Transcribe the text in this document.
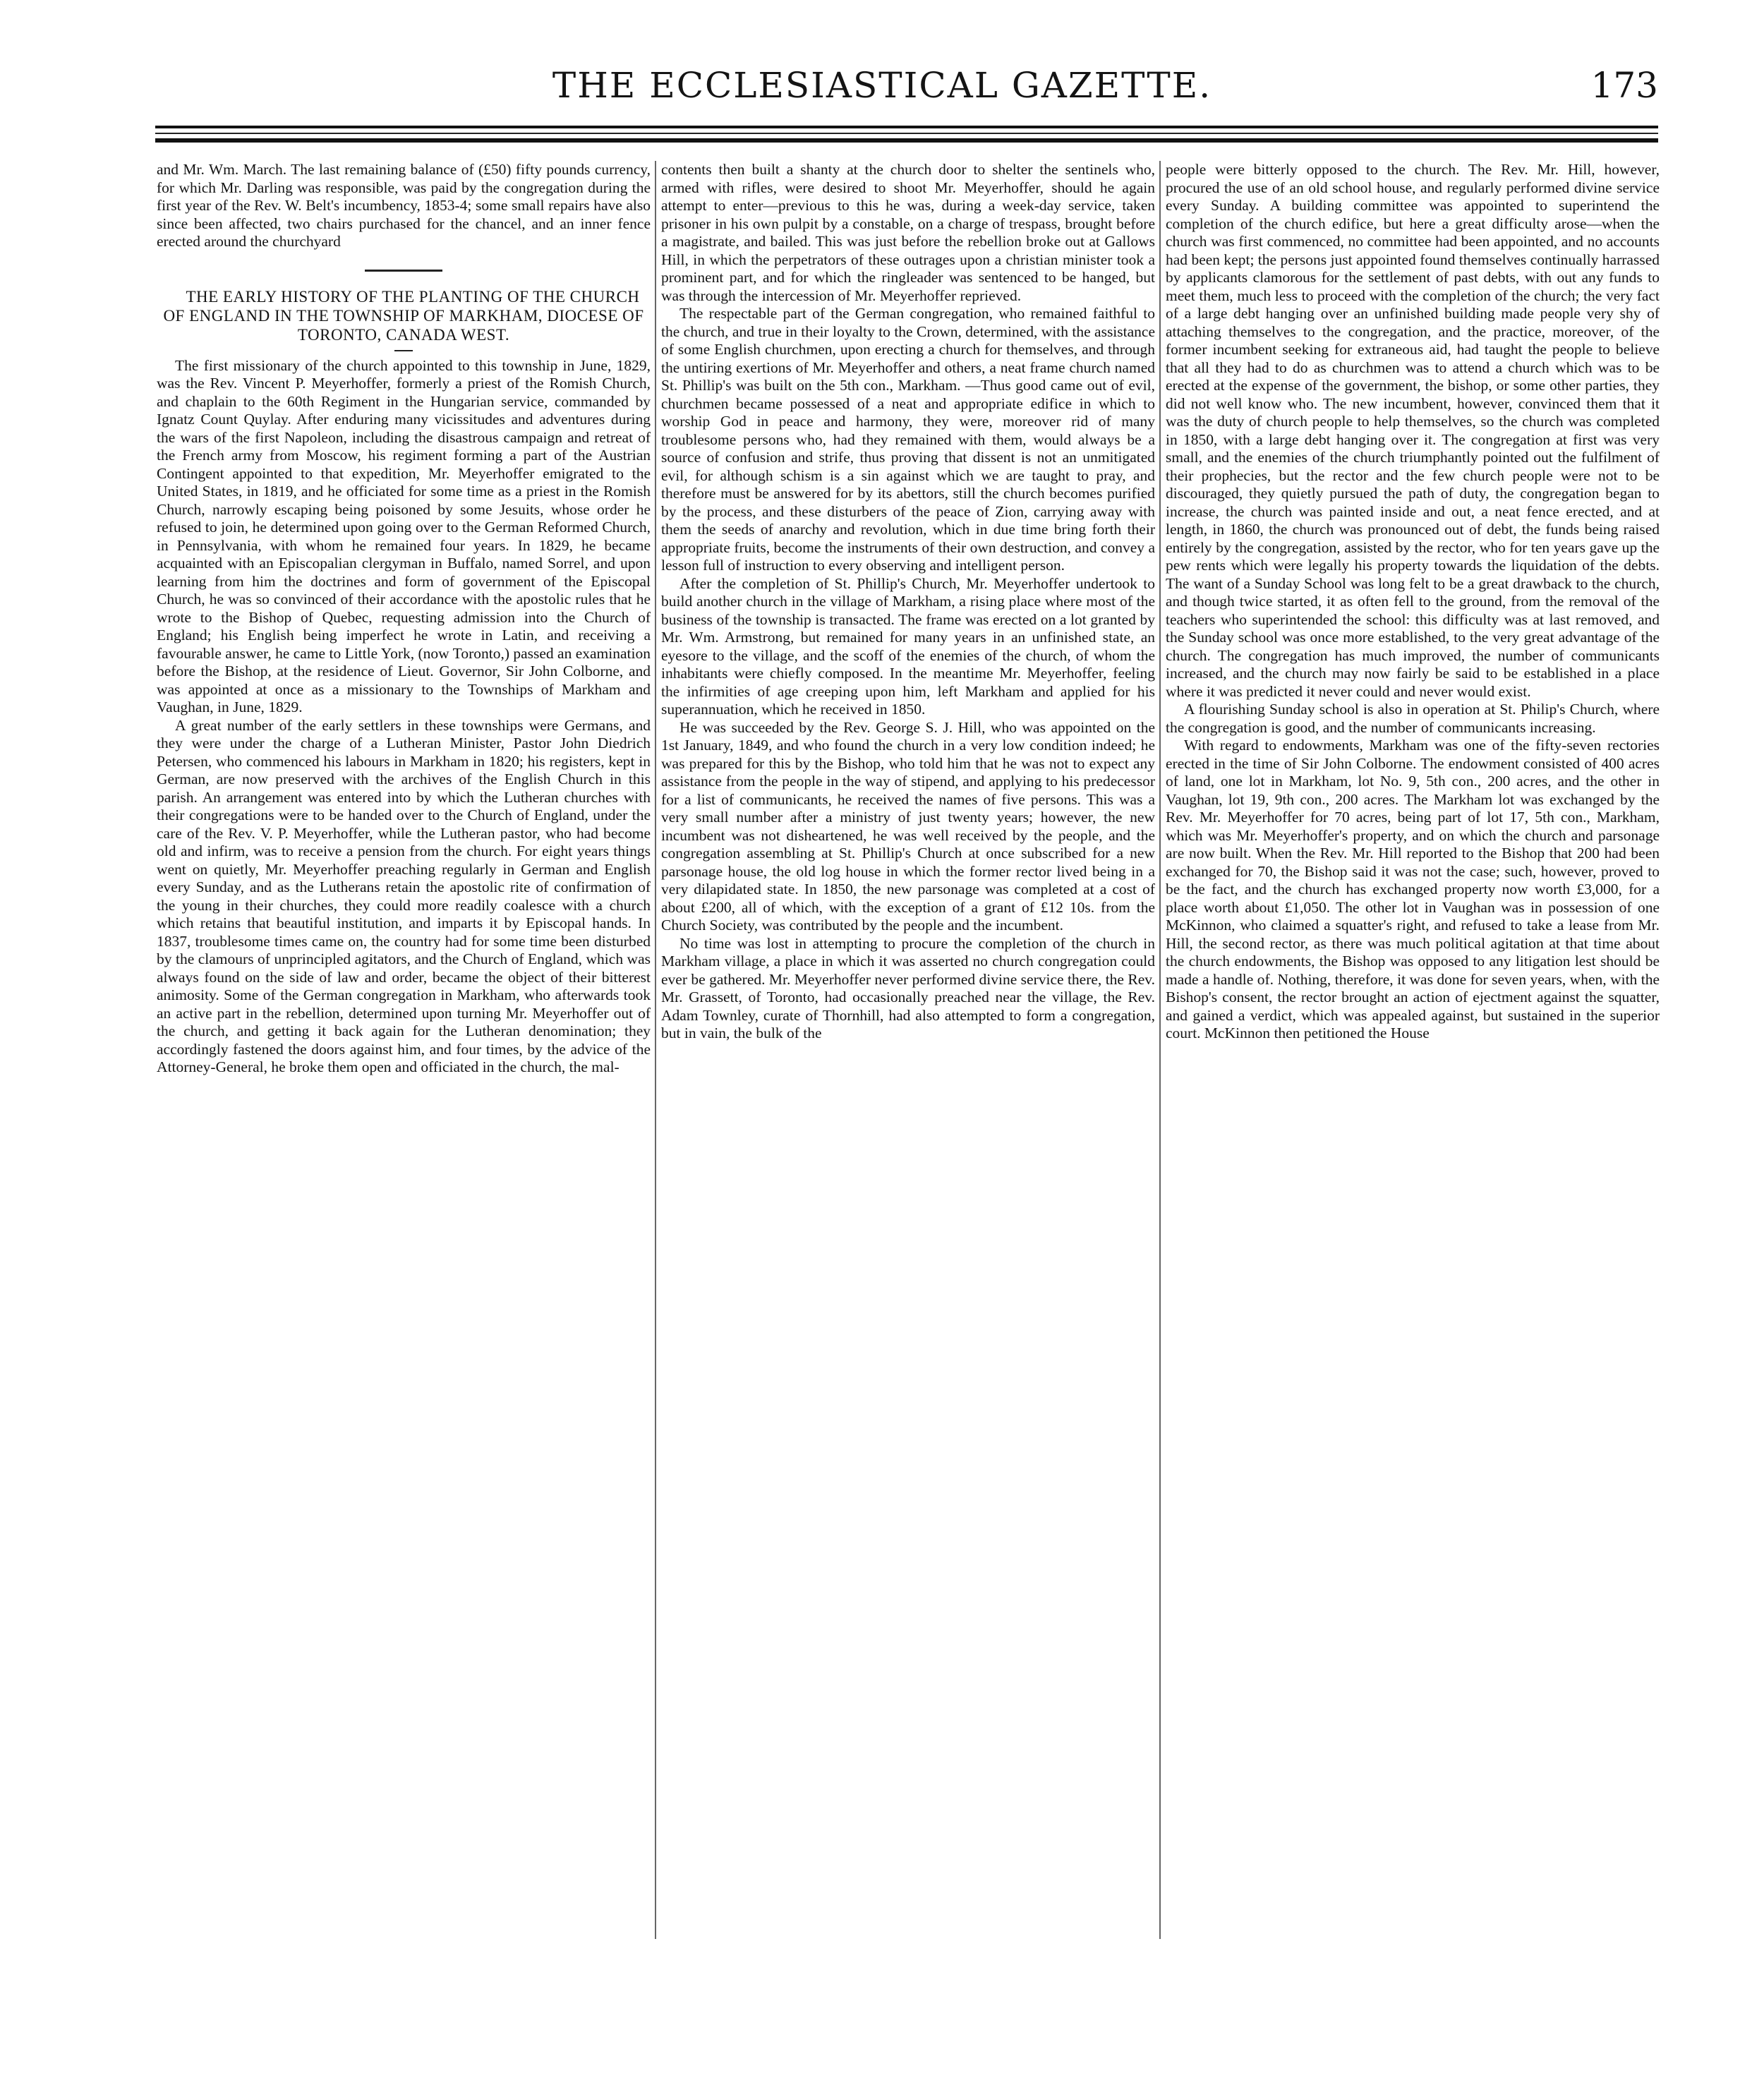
THE ECCLESIASTICAL GAZETTE.	173

and Mr. Wm. March. The last remaining balance of (£50) fifty pounds currency, for which Mr. Darling was responsible, was paid by the congregation during the first year of the Rev. W. Belt's incumbency, 1853-4; some small repairs have also since been affected, two chairs purchased for the chancel, and an inner fence erected around the churchyard

THE EARLY HISTORY OF THE PLANTING OF THE CHURCH OF ENGLAND IN THE TOWNSHIP OF MARKHAM, DIOCESE OF TORONTO, CANADA WEST.

The first missionary of the church appointed to this township in June, 1829, was the Rev. Vincent P. Meyerhoffer, formerly a priest of the Romish Church, and chaplain to the 60th Regiment in the Hungarian service, commanded by Ignatz Count Quylay. After enduring many vicissitudes and adventures during the wars of the first Napoleon, including the disastrous campaign and retreat of the French army from Moscow, his regiment forming a part of the Austrian Contingent appointed to that expedition, Mr. Meyerhoffer emigrated to the United States, in 1819, and he officiated for some time as a priest in the Romish Church, narrowly escaping being poisoned by some Jesuits, whose order he refused to join, he determined upon going over to the German Reformed Church, in Pennsylvania, with whom he remained four years. In 1829, he became acquainted with an Episcopalian clergyman in Buffalo, named Sorrel, and upon learning from him the doctrines and form of government of the Episcopal Church, he was so convinced of their accordance with the apostolic rules that he wrote to the Bishop of Quebec, requesting admission into the Church of England; his English being imperfect he wrote in Latin, and receiving a favourable answer, he came to Little York, (now Toronto,) passed an examination before the Bishop, at the residence of Lieut. Governor, Sir John Colborne, and was appointed at once as a missionary to the Townships of Markham and Vaughan, in June, 1829.

A great number of the early settlers in these townships were Germans, and they were under the charge of a Lutheran Minister, Pastor John Diedrich Petersen, who commenced his labours in Markham in 1820; his registers, kept in German, are now preserved with the archives of the English Church in this parish. An arrangement was entered into by which the Lutheran churches with their congregations were to be handed over to the Church of England, under the care of the Rev. V. P. Meyerhoffer, while the Lutheran pastor, who had become old and infirm, was to receive a pension from the church. For eight years things went on quietly, Mr. Meyerhoffer preaching regularly in German and English every Sunday, and as the Lutherans retain the apostolic rite of confirmation of the young in their churches, they could more readily coalesce with a church which retains that beautiful institution, and imparts it by Episcopal hands. In 1837, troublesome times came on, the country had for some time been disturbed by the clamours of unprincipled agitators, and the Church of England, which was always found on the side of law and order, became the object of their bitterest animosity. Some of the German congregation in Markham, who afterwards took an active part in the rebellion, determined upon turning Mr. Meyerhoffer out of the church, and getting it back again for the Lutheran denomination; they accordingly fastened the doors against him, and four times, by the advice of the Attorney-General, he broke them open and officiated in the church, the mal-

contents then built a shanty at the church door to shelter the sentinels who, armed with rifles, were desired to shoot Mr. Meyerhoffer, should he again attempt to enter—previous to this he was, during a week-day service, taken prisoner in his own pulpit by a constable, on a charge of trespass, brought before a magistrate, and bailed. This was just before the rebellion broke out at Gallows Hill, in which the perpetrators of these outrages upon a christian minister took a prominent part, and for which the ringleader was sentenced to be hanged, but was through the intercession of Mr. Meyerhoffer reprieved.

The respectable part of the German congregation, who remained faithful to the church, and true in their loyalty to the Crown, determined, with the assistance of some English churchmen, upon erecting a church for themselves, and through the untiring exertions of Mr. Meyerhoffer and others, a neat frame church named St. Phillip's was built on the 5th con., Markham. —Thus good came out of evil, churchmen became possessed of a neat and appropriate edifice in which to worship God in peace and harmony, they were, moreover rid of many troublesome persons who, had they remained with them, would always be a source of confusion and strife, thus proving that dissent is not an unmitigated evil, for although schism is a sin against which we are taught to pray, and therefore must be answered for by its abettors, still the church becomes purified by the process, and these disturbers of the peace of Zion, carrying away with them the seeds of anarchy and revolution, which in due time bring forth their appropriate fruits, become the instruments of their own destruction, and convey a lesson full of instruction to every observing and intelligent person.

After the completion of St. Phillip's Church, Mr. Meyerhoffer undertook to build another church in the village of Markham, a rising place where most of the business of the township is transacted. The frame was erected on a lot granted by Mr. Wm. Armstrong, but remained for many years in an unfinished state, an eyesore to the village, and the scoff of the enemies of the church, of whom the inhabitants were chiefly composed. In the meantime Mr. Meyerhoffer, feeling the infirmities of age creeping upon him, left Markham and applied for his superannuation, which he received in 1850.

He was succeeded by the Rev. George S. J. Hill, who was appointed on the 1st January, 1849, and who found the church in a very low condition indeed; he was prepared for this by the Bishop, who told him that he was not to expect any assistance from the people in the way of stipend, and applying to his predecessor for a list of communicants, he received the names of five persons. This was a very small number after a ministry of just twenty years; however, the new incumbent was not disheartened, he was well received by the people, and the congregation assembling at St. Phillip's Church at once subscribed for a new parsonage house, the old log house in which the former rector lived being in a very dilapidated state. In 1850, the new parsonage was completed at a cost of about £200, all of which, with the exception of a grant of £12 10s. from the Church Society, was contributed by the people and the incumbent.

No time was lost in attempting to procure the completion of the church in Markham village, a place in which it was asserted no church congregation could ever be gathered. Mr. Meyerhoffer never performed divine service there, the Rev. Mr. Grassett, of Toronto, had occasionally preached near the village, the Rev. Adam Townley, curate of Thornhill, had also attempted to form a congregation, but in vain, the bulk of the

people were bitterly opposed to the church. The Rev. Mr. Hill, however, procured the use of an old school house, and regularly performed divine service every Sunday. A building committee was appointed to superintend the completion of the church edifice, but here a great difficulty arose—when the church was first commenced, no committee had been appointed, and no accounts had been kept; the persons just appointed found themselves continually harrassed by applicants clamorous for the settlement of past debts, with out any funds to meet them, much less to proceed with the completion of the church; the very fact of a large debt hanging over an unfinished building made people very shy of attaching themselves to the congregation, and the practice, moreover, of the former incumbent seeking for extraneous aid, had taught the people to believe that all they had to do as churchmen was to attend a church which was to be erected at the expense of the government, the bishop, or some other parties, they did not well know who. The new incumbent, however, convinced them that it was the duty of church people to help themselves, so the church was completed in 1850, with a large debt hanging over it. The congregation at first was very small, and the enemies of the church triumphantly pointed out the fulfilment of their prophecies, but the rector and the few church people were not to be discouraged, they quietly pursued the path of duty, the congregation began to increase, the church was painted inside and out, a neat fence erected, and at length, in 1860, the church was pronounced out of debt, the funds being raised entirely by the congregation, assisted by the rector, who for ten years gave up the pew rents which were legally his property towards the liquidation of the debts. The want of a Sunday School was long felt to be a great drawback to the church, and though twice started, it as often fell to the ground, from the removal of the teachers who superintended the school: this difficulty was at last removed, and the Sunday school was once more established, to the very great advantage of the church. The congregation has much improved, the number of communicants increased, and the church may now fairly be said to be established in a place where it was predicted it never could and never would exist.

A flourishing Sunday school is also in operation at St. Philip's Church, where the congregation is good, and the number of communicants increasing.

With regard to endowments, Markham was one of the fifty-seven rectories erected in the time of Sir John Colborne. The endowment consisted of 400 acres of land, one lot in Markham, lot No. 9, 5th con., 200 acres, and the other in Vaughan, lot 19, 9th con., 200 acres. The Markham lot was exchanged by the Rev. Mr. Meyerhoffer for 70 acres, being part of lot 17, 5th con., Markham, which was Mr. Meyerhoffer's property, and on which the church and parsonage are now built. When the Rev. Mr. Hill reported to the Bishop that 200 had been exchanged for 70, the Bishop said it was not the case; such, however, proved to be the fact, and the church has exchanged property now worth £3,000, for a place worth about £1,050. The other lot in Vaughan was in possession of one McKinnon, who claimed a squatter's right, and refused to take a lease from Mr. Hill, the second rector, as there was much political agitation at that time about the church endowments, the Bishop was opposed to any litigation lest should be made a handle of. Nothing, therefore, it was done for seven years, when, with the Bishop's consent, the rector brought an action of ejectment against the squatter, and gained a verdict, which was appealed against, but sustained in the superior court. McKinnon then petitioned the House
